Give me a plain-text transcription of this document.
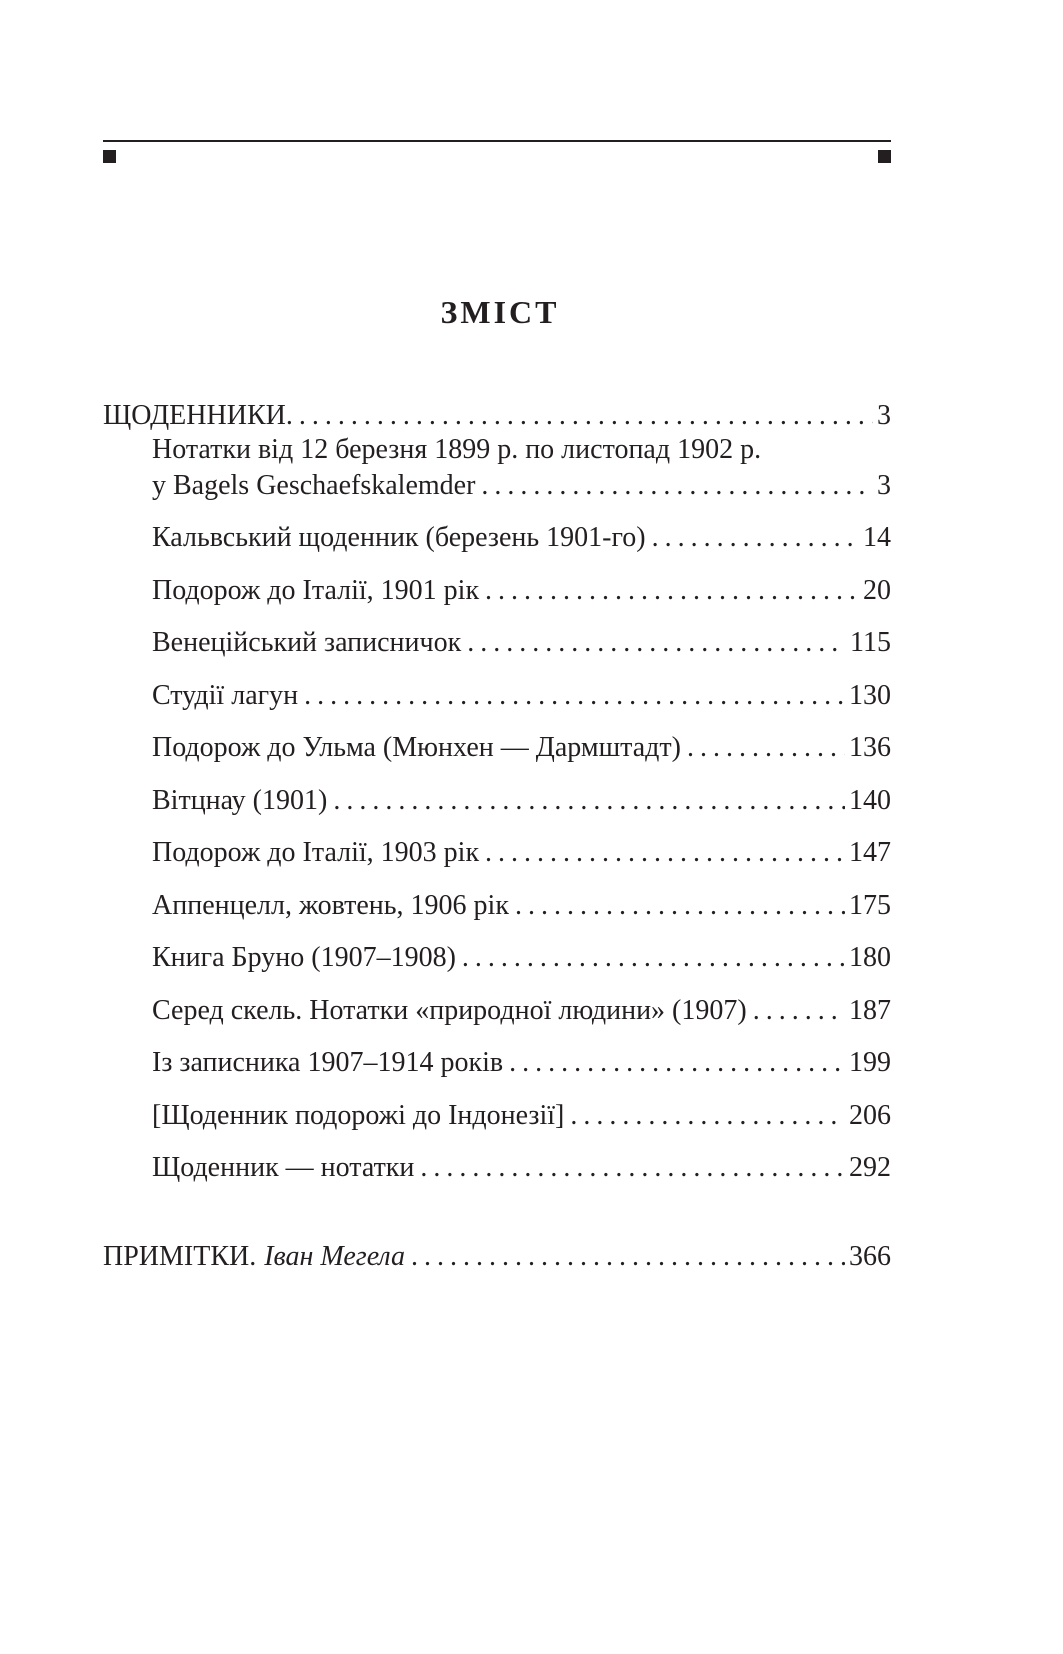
ЗМІСТ
ЩОДЕННИКИ. . . .	3
Нотатки від 12 березня 1899 р. по листопад 1902 р.
у Bagels Geschaefskalemder . . .	3
Кальвський щоденник (березень 1901-го) . . .	14
Подорож до Італії, 1901 рік . . .	20
Венеційський записничок . . .	115
Студії лагун . . .	130
Подорож до Ульма (Мюнхен — Дармштадт) . . .	136
Вітцнау (1901) . . .	140
Подорож до Італії, 1903 рік . . .	147
Аппенцелл, жовтень, 1906 рік . . .	175
Книга Бруно (1907–1908) . . .	180
Серед скель. Нотатки «природної людини» (1907) . . .	187
Із записника 1907–1914 років . . .	199
[Щоденник подорожі до Індонезії] . . .	206
Щоденник — нотатки . . .	292
ПРИМІТКИ. Іван Мегела . . .	366
